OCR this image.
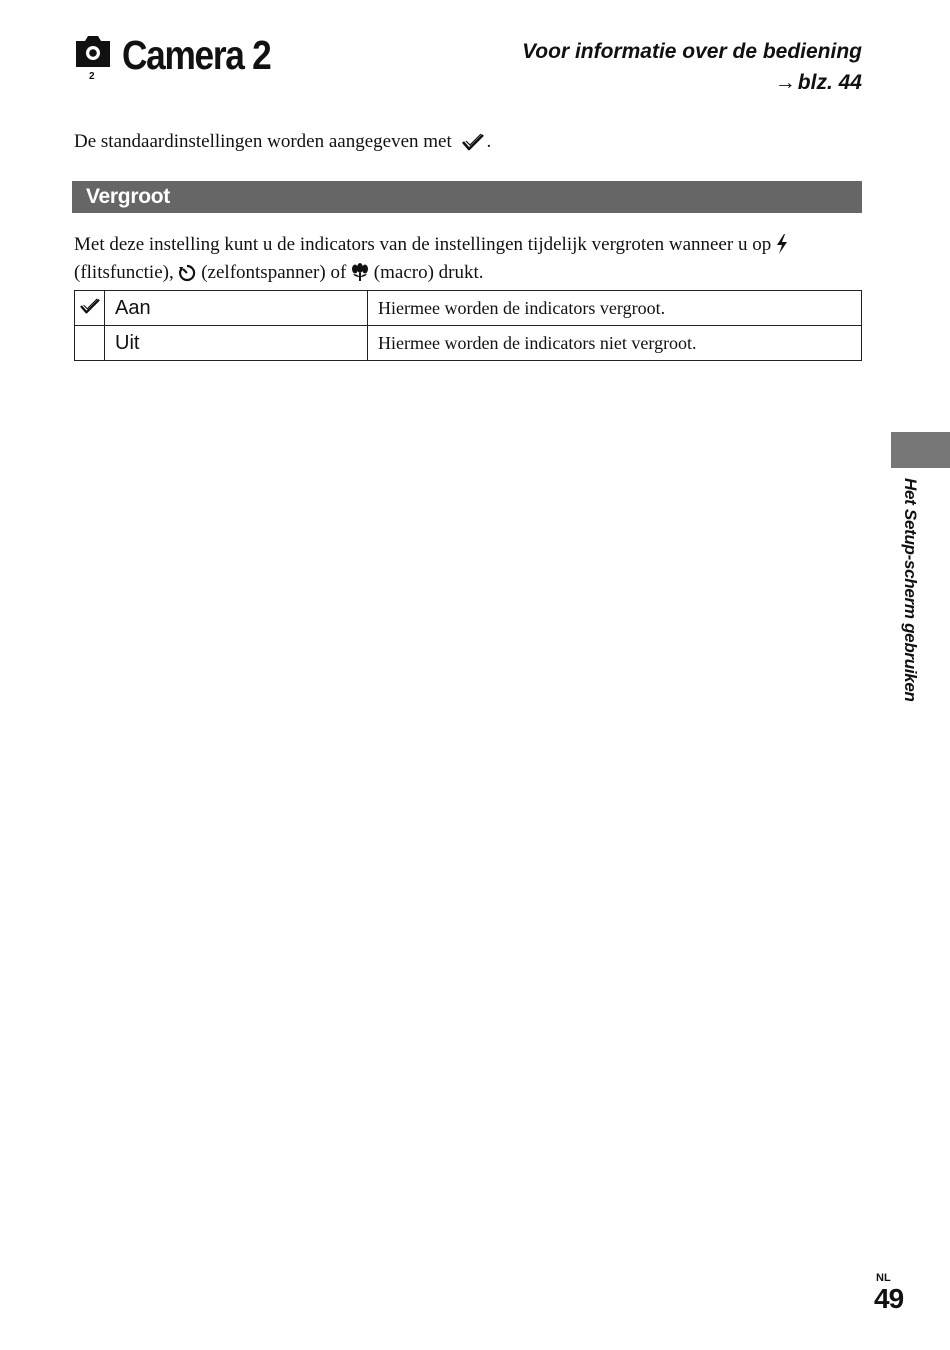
2 Camera 2	Voor informatie over de bediening
→blz. 44
De standaardinstellingen worden aangegeven met .
Vergroot
Met deze instelling kunt u de indicators van de instellingen tijdelijk vergroten wanneer u op
(flitsfunctie), (zelfontspanner) of (macro) drukt.
	Aan	Hiermee worden de indicators vergroot.
	Uit	Hiermee worden de indicators niet vergroot.
Het Setup-scherm gebruiken
NL
49
